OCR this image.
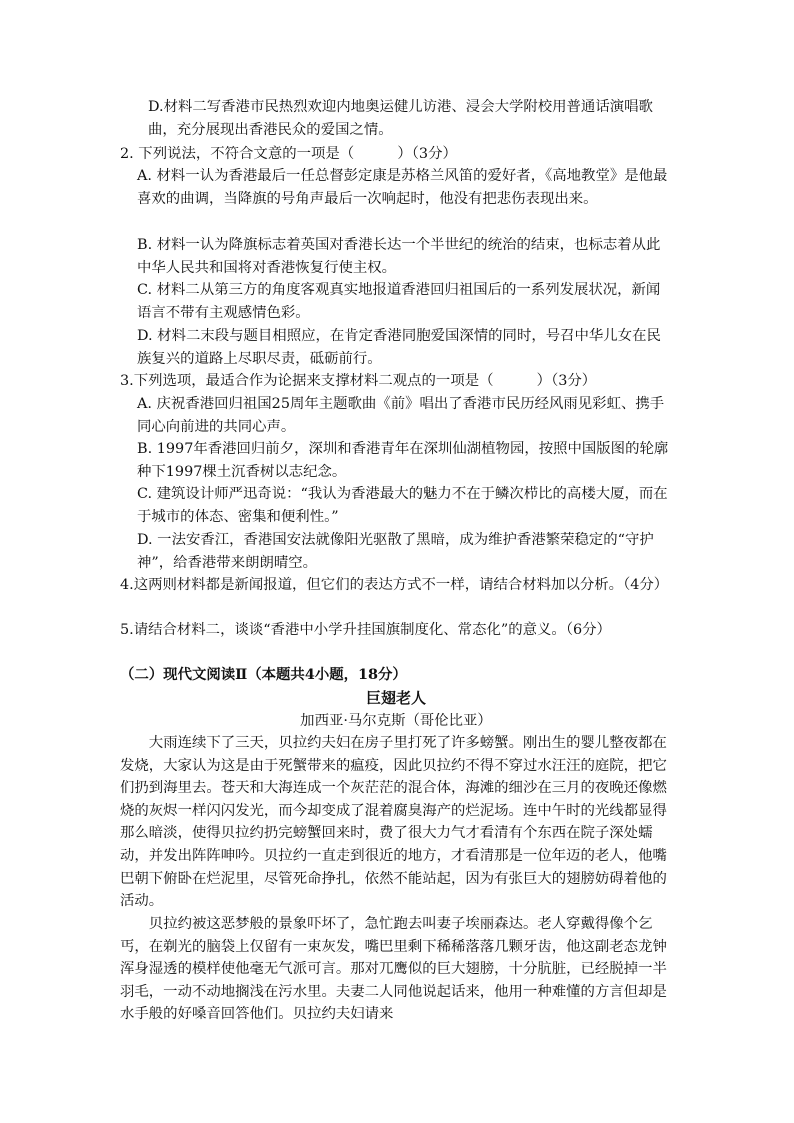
D.材料二写香港市民热烈欢迎内地奥运健儿访港、浸会大学附校用普通话演唱歌曲，充分展现出香港民众的爱国之情。
2. 下列说法，不符合文意的一项是（　　　）（3分）
A. 材料一认为香港最后一任总督彭定康是苏格兰风笛的爱好者，《高地教堂》是他最喜欢的曲调，当降旗的号角声最后一次响起时，他没有把悲伤表现出来。
B. 材料一认为降旗标志着英国对香港长达一个半世纪的统治的结束，也标志着从此中华人民共和国将对香港恢复行使主权。
C. 材料二从第三方的角度客观真实地报道香港回归祖国后的一系列发展状况，新闻语言不带有主观感情色彩。
D. 材料二末段与题目相照应，在肯定香港同胞爱国深情的同时，号召中华儿女在民族复兴的道路上尽职尽责，砥砺前行。
3.下列选项，最适合作为论据来支撑材料二观点的一项是（　　　）（3分）
A. 庆祝香港回归祖国25周年主题歌曲《前》唱出了香港市民历经风雨见彩虹、携手同心向前进的共同心声。
B. 1997年香港回归前夕，深圳和香港青年在深圳仙湖植物园，按照中国版图的轮廓种下1997棵土沉香树以志纪念。
C. 建筑设计师严迅奇说：“我认为香港最大的魅力不在于鳞次栉比的高楼大厦，而在于城市的体态、密集和便利性。”
D. 一法安香江，香港国安法就像阳光驱散了黑暗，成为维护香港繁荣稳定的“守护神”，给香港带来朗朗晴空。
4.这两则材料都是新闻报道，但它们的表达方式不一样，请结合材料加以分析。（4分）
5.请结合材料二，谈谈“香港中小学升挂国旗制度化、常态化”的意义。（6分）
（二）现代文阅读Ⅱ（本题共4小题，18分）
巨翅老人
加西亚·马尔克斯（哥伦比亚）
大雨连续下了三天，贝拉约夫妇在房子里打死了许多螃蟹。刚出生的婴儿整夜都在发烧，大家认为这是由于死蟹带来的瘟疫，因此贝拉约不得不穿过水汪汪的庭院，把它们扔到海里去。苍天和大海连成一个灰茫茫的混合体，海滩的细沙在三月的夜晚还像燃烧的灰烬一样闪闪发光，而今却变成了混着腐臭海产的烂泥场。连中午时的光线都显得那么暗淡，使得贝拉约扔完螃蟹回来时，费了很大力气才看清有个东西在院子深处蠕动，并发出阵阵呻吟。贝拉约一直走到很近的地方，才看清那是一位年迈的老人，他嘴巴朝下俯卧在烂泥里，尽管死命挣扎，依然不能站起，因为有张巨大的翅膀妨碍着他的活动。
贝拉约被这恶梦般的景象吓坏了，急忙跑去叫妻子埃丽森达。老人穿戴得像个乞丐，在剃光的脑袋上仅留有一束灰发，嘴巴里剩下稀稀落落几颗牙齿，他这副老态龙钟浑身湿透的模样使他毫无气派可言。那对兀鹰似的巨大翅膀，十分肮脏，已经脱掉一半羽毛，一动不动地搁浅在污水里。夫妻二人同他说起话来，他用一种难懂的方言但却是水手般的好嗓音回答他们。贝拉约夫妇请来
